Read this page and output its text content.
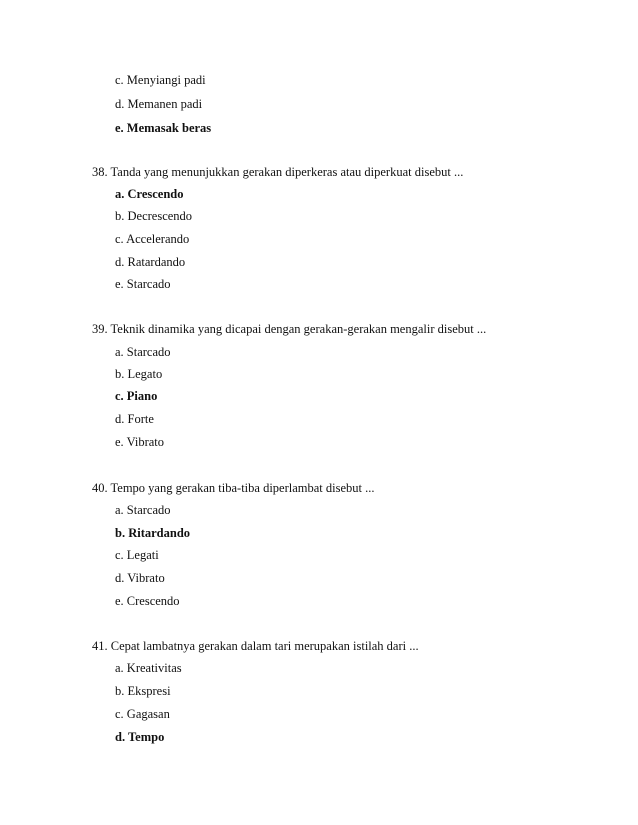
c. Menyiangi padi
d. Memanen padi
e. Memasak beras
38. Tanda yang menunjukkan gerakan diperkeras atau diperkuat disebut ...
a. Crescendo
b. Decrescendo
c. Accelerando
d. Ratardando
e. Starcado
39. Teknik dinamika yang dicapai dengan gerakan-gerakan mengalir disebut ...
a. Starcado
b. Legato
c. Piano
d. Forte
e. Vibrato
40. Tempo yang gerakan tiba-tiba diperlambat disebut ...
a. Starcado
b. Ritardando
c. Legati
d. Vibrato
e. Crescendo
41. Cepat lambatnya gerakan dalam tari merupakan istilah dari ...
a. Kreativitas
b. Ekspresi
c. Gagasan
d. Tempo
